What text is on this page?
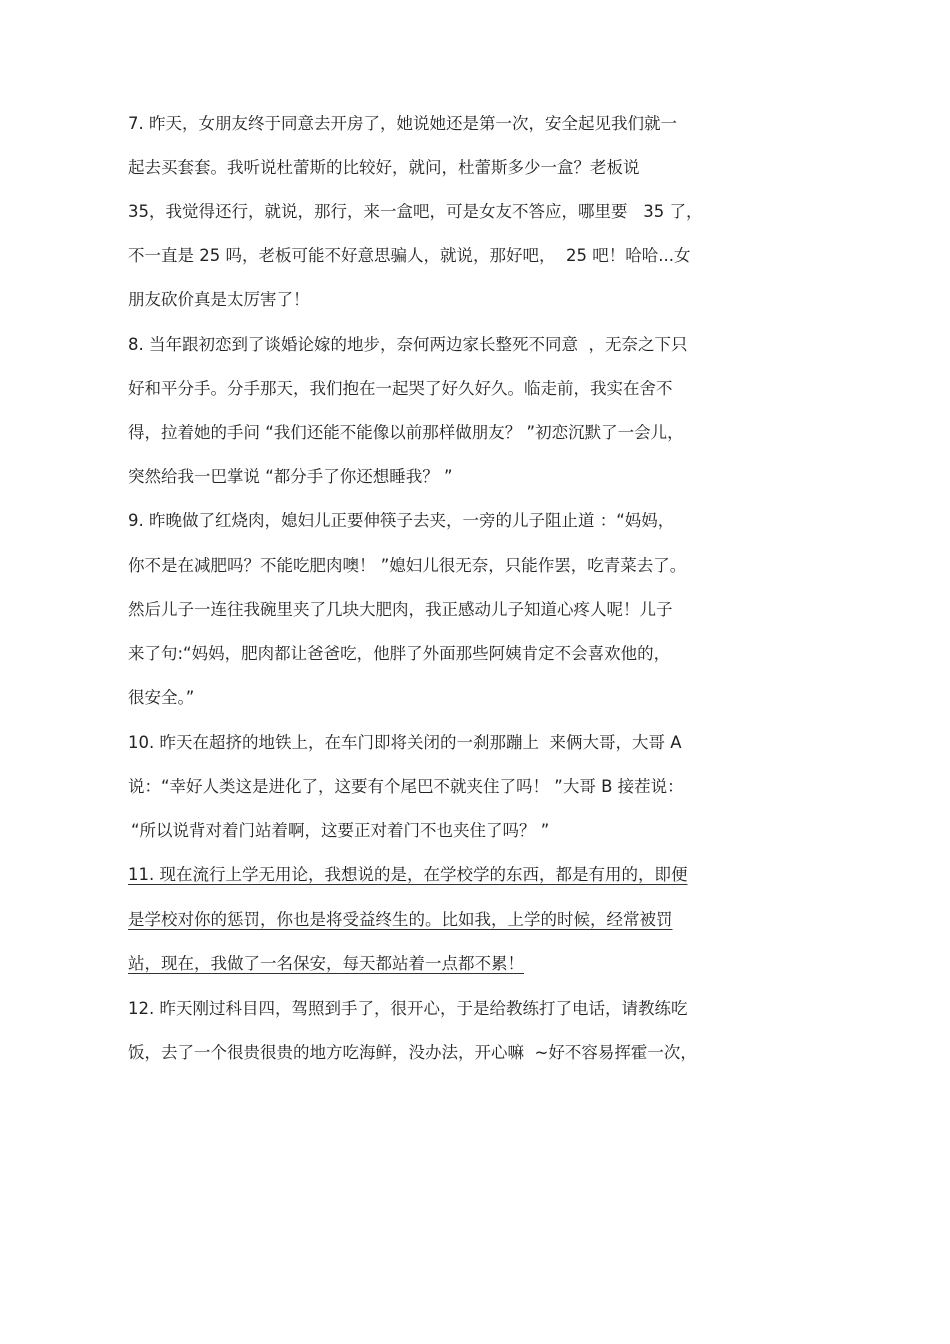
7. 昨天，女朋友终于同意去开房了，她说她还是第一次，安全起见我们就一
起去买套套。我听说杜蕾斯的比较好，就问，杜蕾斯多少一盒？老板说
35，我觉得还行，就说，那行，来一盒吧，可是女友不答应，哪里要   35 了，
不一直是 25 吗，老板可能不好意思骗人，就说，那好吧，  25 吧！哈哈...女
朋友砍价真是太厉害了！
8. 当年跟初恋到了谈婚论嫁的地步，奈何两边家长整死不同意  ，无奈之下只
好和平分手。分手那天，我们抱在一起哭了好久好久。临走前，我实在舍不
得，拉着她的手问 “我们还能不能像以前那样做朋友？ ”初恋沉默了一会儿，
突然给我一巴掌说 “都分手了你还想睡我？ ”
9. 昨晚做了红烧肉，媳妇儿正要伸筷子去夹，一旁的儿子阻止道 ：“妈妈，
你不是在减肥吗？不能吃肥肉噢！ ”媳妇儿很无奈，只能作罢，吃青菜去了。
然后儿子一连往我碗里夹了几块大肥肉，我正感动儿子知道心疼人呢！儿子
来了句:“妈妈，肥肉都让爸爸吃，他胖了外面那些阿姨肯定不会喜欢他的，
很安全。”
10. 昨天在超挤的地铁上，在车门即将关闭的一刹那蹦上  来俩大哥，大哥 A
说：“幸好人类这是进化了，这要有个尾巴不就夹住了吗！ ”大哥 B 接茬说：
“所以说背对着门站着啊，这要正对着门不也夹住了吗？ ”
11. 现在流行上学无用论，我想说的是，在学校学的东西，都是有用的，即便
是学校对你的惩罚，你也是将受益终生的。比如我，上学的时候，经常被罚
站，现在，我做了一名保安，每天都站着一点都不累！
12. 昨天刚过科目四，驾照到手了，很开心，于是给教练打了电话，请教练吃
饭，去了一个很贵很贵的地方吃海鲜，没办法，开心嘛  ~好不容易挥霍一次，
